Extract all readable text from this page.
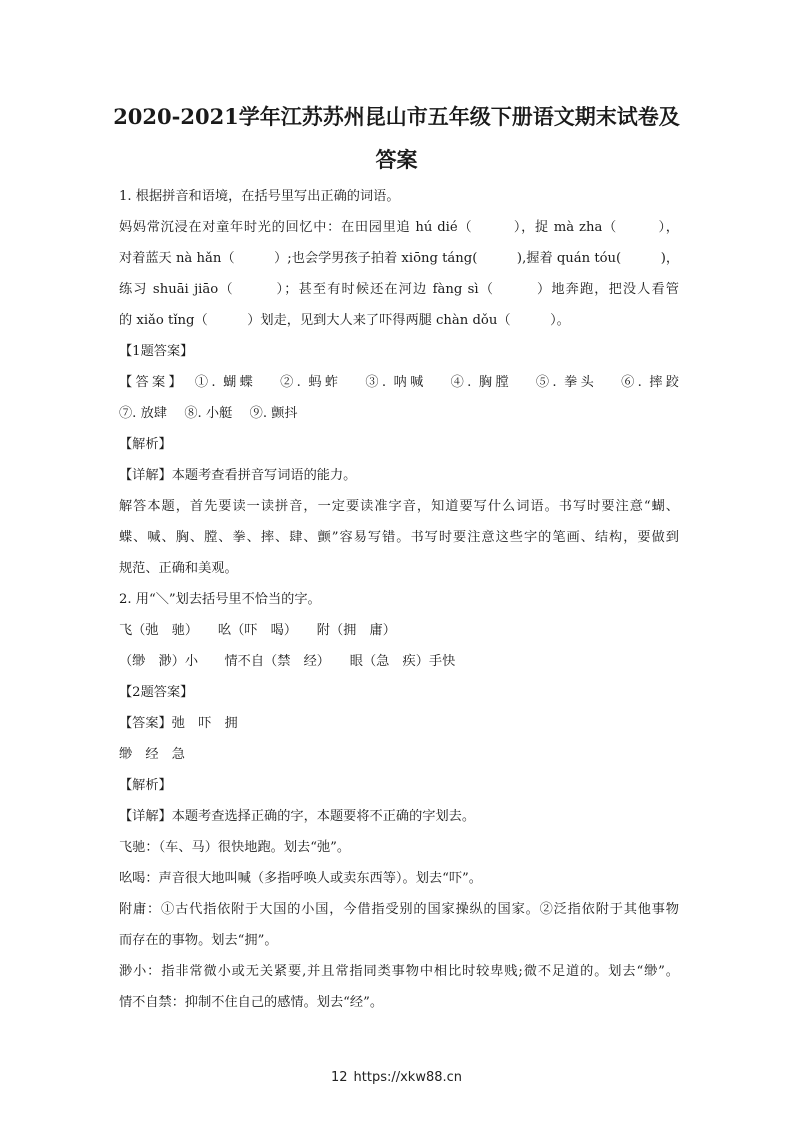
2020-2021学年江苏苏州昆山市五年级下册语文期末试卷及
答案
1. 根据拼音和语境，在括号里写出正确的词语。
妈妈常沉浸在对童年时光的回忆中：在田园里追 hú dié（　　　），捉 mà zha（　　　），
对着蓝天 nà hǎn（　　　）;也会学男孩子拍着 xiōng táng(　　　),握着 quán tóu(　　　)，
练习 shuāi jiāo（　　　）；甚至有时候还在河边 fàng sì（　　　）地奔跑，把没人看管
的 xiǎo tǐng（　　　）划走，见到大人来了吓得两腿 chàn dǒu（　　　）。
【1题答案】
【答案】　①. 蝴蝶　 ②. 蚂蚱　 ③. 呐喊　 ④. 胸膛　 ⑤. 拳头　 ⑥. 摔跤
⑦. 放肆　 ⑧. 小艇　 ⑨. 颤抖
【解析】
【详解】本题考查看拼音写词语的能力。
解答本题，首先要读一读拼音，一定要读准字音，知道要写什么词语。书写时要注意“蝴、
蝶、喊、胸、膛、拳、摔、肆、颤”容易写错。书写时要注意这些字的笔画、结构，要做到
规范、正确和美观。
2. 用“＼”划去括号里不恰当的字。
飞（弛　驰）　　吆（吓　喝）　　附（拥　庸）
（缈　渺）小　　情不自（禁　经）　　眼（急　疾）手快
【2题答案】
【答案】弛　吓　拥
缈　经　急
【解析】
【详解】本题考查选择正确的字，本题要将不正确的字划去。
飞驰：（车、马）很快地跑。划去“弛”。
吆喝：声音很大地叫喊（多指呼唤人或卖东西等）。划去“吓”。
附庸：①古代指依附于大国的小国，今借指受别的国家操纵的国家。②泛指依附于其他事物
而存在的事物。划去“拥”。
渺小：指非常微小或无关紧要,并且常指同类事物中相比时较卑贱;微不足道的。划去“缈”。
情不自禁：抑制不住自己的感情。划去“经”。
12 https://xkw88.cn
